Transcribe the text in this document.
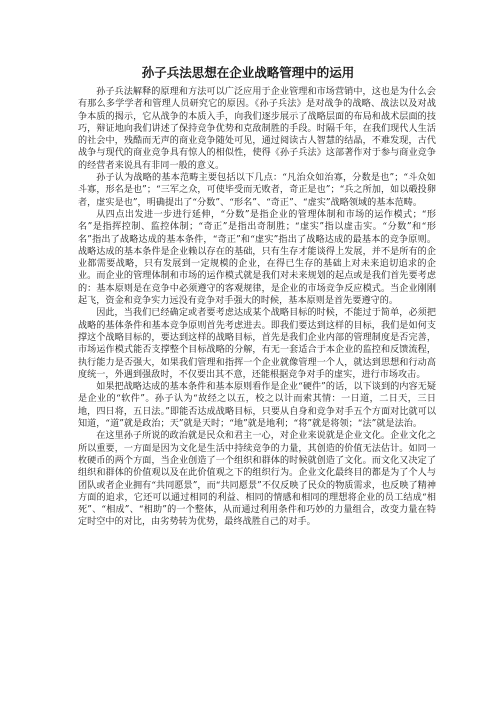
孙子兵法思想在企业战略管理中的运用

孙子兵法解释的原理和方法可以广泛应用于企业管理和市场营销中，这也是为什么会有那么多学学者和管理人员研究它的原因。《孙子兵法》是对战争的战略、战法以及对战争本质的揭示，它从战争的本质入手，向我们逐步展示了战略层面的布局和战术层面的技巧，辩证地向我们讲述了保持竞争优势和克敌制胜的手段。时隔千年，在我们现代人生活的社会中，残酷而无声的商业竞争随处可见，通过阅读古人智慧的结晶，不难发现，古代战争与现代的商业竞争具有惊人的相似性，使得《孙子兵法》这部著作对于参与商业竞争的经营者来说具有非同一般的意义。

孙子认为战略的基本范畴主要包括以下几点：“凡治众如治寡，分数是也”；“斗众如斗寡，形名是也”；“三军之众，可使毕受而无败者，奇正是也”；“兵之所加，如以碫投卵者，虚实是也”，明确提出了“分数”、“形名”、“奇正”、“虚实”战略领域的基本范畴。

从四点出发进一步进行延伸，“分数”是指企业的管理体制和市场的运作模式；“形名”是指挥控制、监控体制；“奇正”是指出奇制胜；“虚实”指以虚击实。“分数”和“形名”指出了战略达成的基本条件，“奇正”和“虚实”指出了战略达成的最基本的竞争原则。战略达成的基本条件是企业赖以存在的基础，只有生存才能谈得上发展，并不是所有的企业都需要战略，只有发展到一定规模的企业，在得已生存的基础上对未来追切追求的企业。而企业的管理体制和市场的运作模式就是我们对未来规划的起点或是我们首先要考虑的：基本原则是在竞争中必须遵守的客观规律，是企业的市场竞争反应模式。当企业刚刚起飞，资金和竞争实力远没有竞争对手强大的时候，基本原则是首先要遵守的。

因此，当我们已经确定或者要考虑达成某个战略目标的时候，不能过于简单，必须把战略的基体条件和基本竞争原则首先考虑进去。即我们要达到这样的目标，我们是如何支撑这个战略目标的，要达到这样的战略目标，首先是我们企业内部的管理制度是否完善，市场运作模式能否支撑整个目标战略的分解，有无一套适合于本企业的监控和反馈流程，执行能力是否强大，如果我们管理和指挥一个企业就像管理一个人，就达到思想和行动高度统一，外遇到强敌时，不仅要出其不意，还能根据竞争对手的虚实，进行市场攻击。

如果把战略达成的基本条件和基本原则看作是企业“硬件”的话，以下谈到的内容无疑是企业的“软件”。孙子认为“故经之以五，校之以计而索其情：一日道，二日天，三日地，四日将，五日法。”即能否达成战略目标，只要从自身和竞争对手五个方面对比就可以知道，“道”就是政治；天”就是天时；“地”就是地利；“将”就是将领；“法”就是法治。

在这里孙子所说的政治就是民众和君主一心，对企业来说就是企业文化。企业文化之所以重要，一方面是因为文化是生活中持续竞争的力量，其创造的价值无法估计。如同一枚硬币的两个方面，当企业创造了一个组织和群体的时候就创造了文化。而文化又决定了组织和群体的价值观以及在此价值观之下的组织行为。企业文化最终目的都是为了个人与团队或者企业拥有“共同愿景”，而“共同愿景”不仅反映了民众的物质需求，也反映了精神方面的追求，它还可以通过相同的利益、相同的情感和相同的理想将企业的员工结成“相死”、“相成”、“相助”的一个整体，从而通过利用条件和巧妙的力量组合，改变力量在特定时空中的对比，由劣势转为优势，最终战胜自己的对手。
